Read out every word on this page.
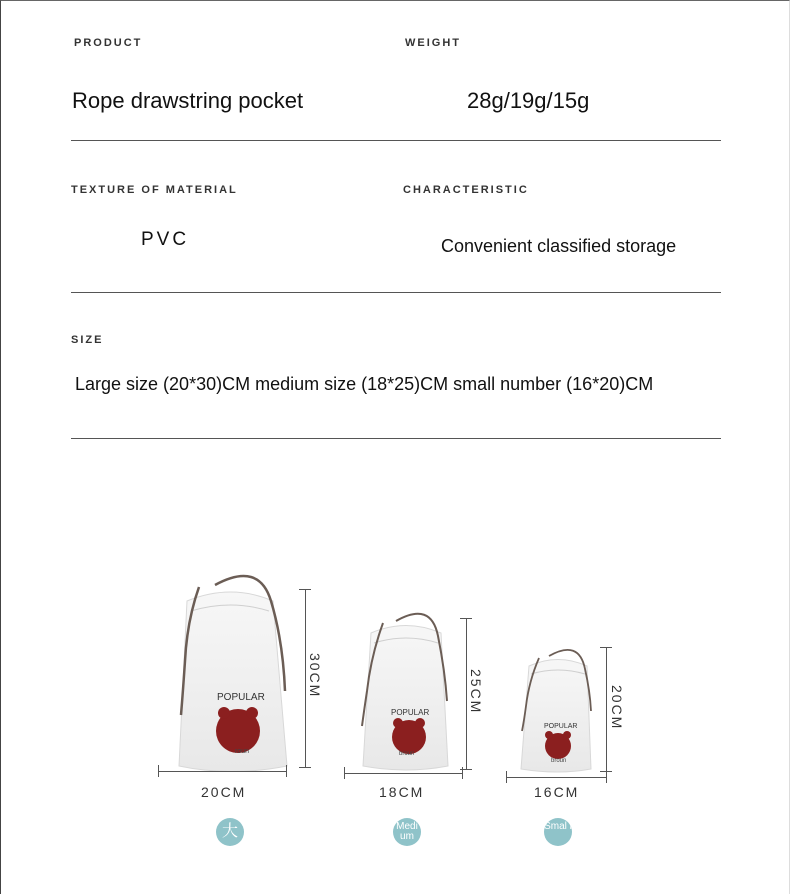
PRODUCT	WEIGHT
Rope drawstring pocket	28g/19g/15g
TEXTURE OF MATERIAL	CHARACTERISTIC
PVC	Convenient classified storage
SIZE
Large size (20*30)CM medium size (18*25)CM small number (16*20)CM
POPULAR
roun
POPULAR
broun
POPULAR
broun
20CM	18CM	16CM
30CM	25CM	20CM
大	Medi um
Smal l
